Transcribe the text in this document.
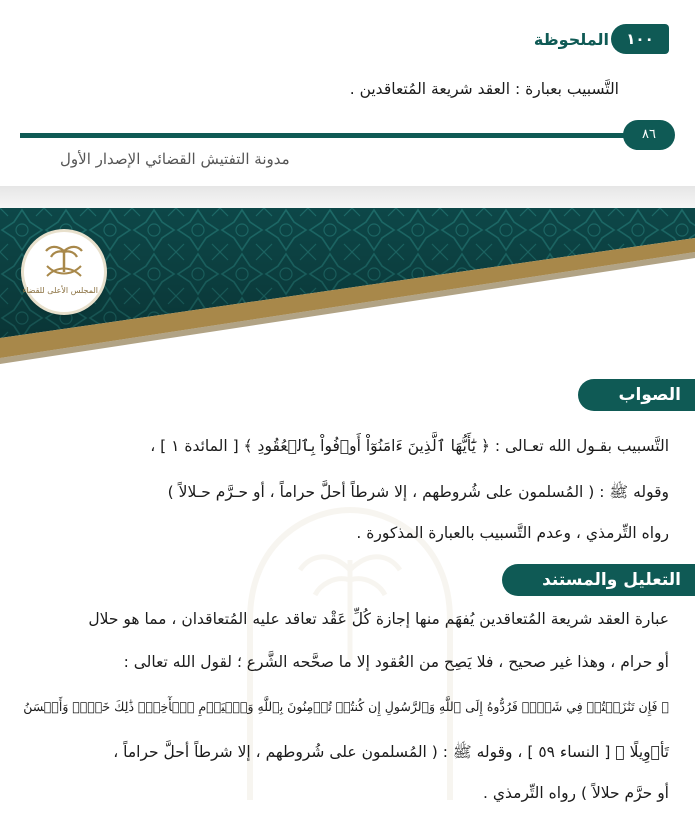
الملحوظة	١٠٠
التَّسبيب بعبارة : العقد شريعة المُتعاقدين .
٨٦
مدونة التفتيش القضائي الإصدار الأول
المجلس الأعلى للقضاء
الصواب
التَّسبيب بقـول الله تعـالى : ﴿ يَٰٓأَيُّهَا ٱلَّذِينَ ءَامَنُوٓاْ أَوۡفُواْ بِٱلۡعُقُودِ ﴾ [ المائدة ١ ] ،
وقوله ﷺ : ( المُسلمون على شُروطهم ، إلا شرطاً أحلَّ حراماً ، أو حـرَّم حـلالاً )
رواه التِّرمذي ، وعدم التَّسبيب بالعبارة المذكورة .
التعليل والمستند
عبارة العقد شريعة المُتعاقدين يُفهَم منها إجازة كُلِّ عَقْد تعاقد عليه المُتعاقدان ، مما هو حلال
أو حرام ، وهذا غير صحيح ، فلا يَصِح من العُقود إلا ما صحَّحه الشَّرع ؛ لقول الله تعالى :
﴿ فَإِن تَنَٰزَعۡتُمۡ فِي شَيۡءٖ فَرُدُّوهُ إِلَى ٱللَّهِ وَٱلرَّسُولِ إِن كُنتُمۡ تُؤۡمِنُونَ بِٱللَّهِ وَٱلۡيَوۡمِ ٱلۡأٓخِرِۚ ذَٰلِكَ خَيۡرٞ وَأَحۡسَنُ
تَأۡوِيلًا ﴾ [ النساء ٥٩ ] ، وقوله ﷺ : ( المُسلمون على شُروطهم ، إلا شرطاً أحلَّ حراماً ،
أو حرَّم حلالاً ) رواه التِّرمذي .
